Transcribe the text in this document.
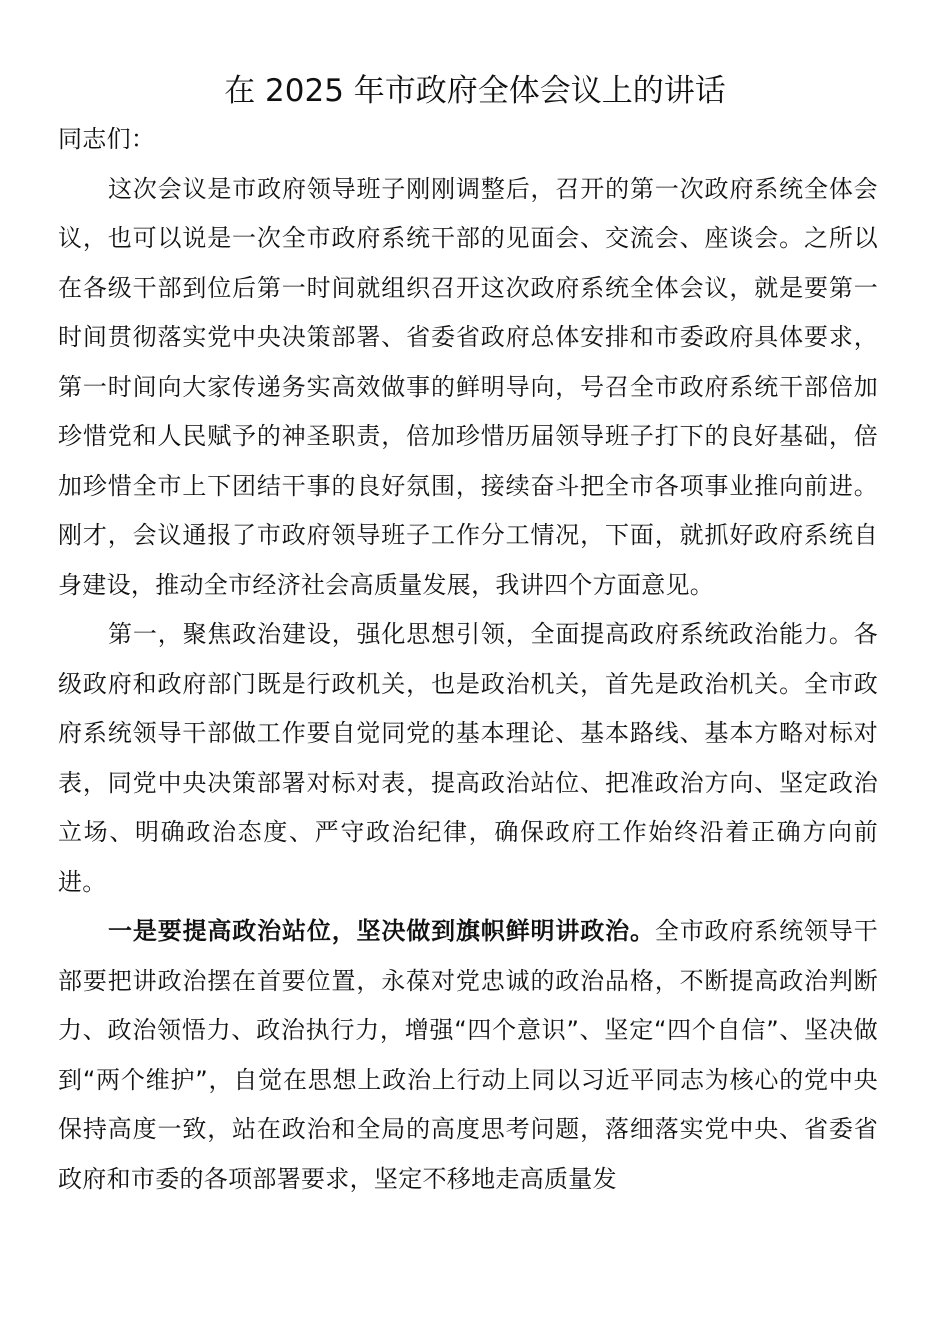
在 2025 年市政府全体会议上的讲话

同志们：

这次会议是市政府领导班子刚刚调整后，召开的第一次政府系统全体会议，也可以说是一次全市政府系统干部的见面会、交流会、座谈会。之所以在各级干部到位后第一时间就组织召开这次政府系统全体会议，就是要第一时间贯彻落实党中央决策部署、省委省政府总体安排和市委政府具体要求，第一时间向大家传递务实高效做事的鲜明导向，号召全市政府系统干部倍加珍惜党和人民赋予的神圣职责，倍加珍惜历届领导班子打下的良好基础，倍加珍惜全市上下团结干事的良好氛围，接续奋斗把全市各项事业推向前进。刚才，会议通报了市政府领导班子工作分工情况，下面，就抓好政府系统自身建设，推动全市经济社会高质量发展，我讲四个方面意见。

第一，聚焦政治建设，强化思想引领，全面提高政府系统政治能力。各级政府和政府部门既是行政机关，也是政治机关，首先是政治机关。全市政府系统领导干部做工作要自觉同党的基本理论、基本路线、基本方略对标对表，同党中央决策部署对标对表，提高政治站位、把准政治方向、坚定政治立场、明确政治态度、严守政治纪律，确保政府工作始终沿着正确方向前进。

一是要提高政治站位，坚决做到旗帜鲜明讲政治。全市政府系统领导干部要把讲政治摆在首要位置，永葆对党忠诚的政治品格，不断提高政治判断力、政治领悟力、政治执行力，增强“四个意识”、坚定“四个自信”、坚决做到“两个维护”，自觉在思想上政治上行动上同以习近平同志为核心的党中央保持高度一致，站在政治和全局的高度思考问题，落细落实党中央、省委省政府和市委的各项部署要求，坚定不移地走高质量发
